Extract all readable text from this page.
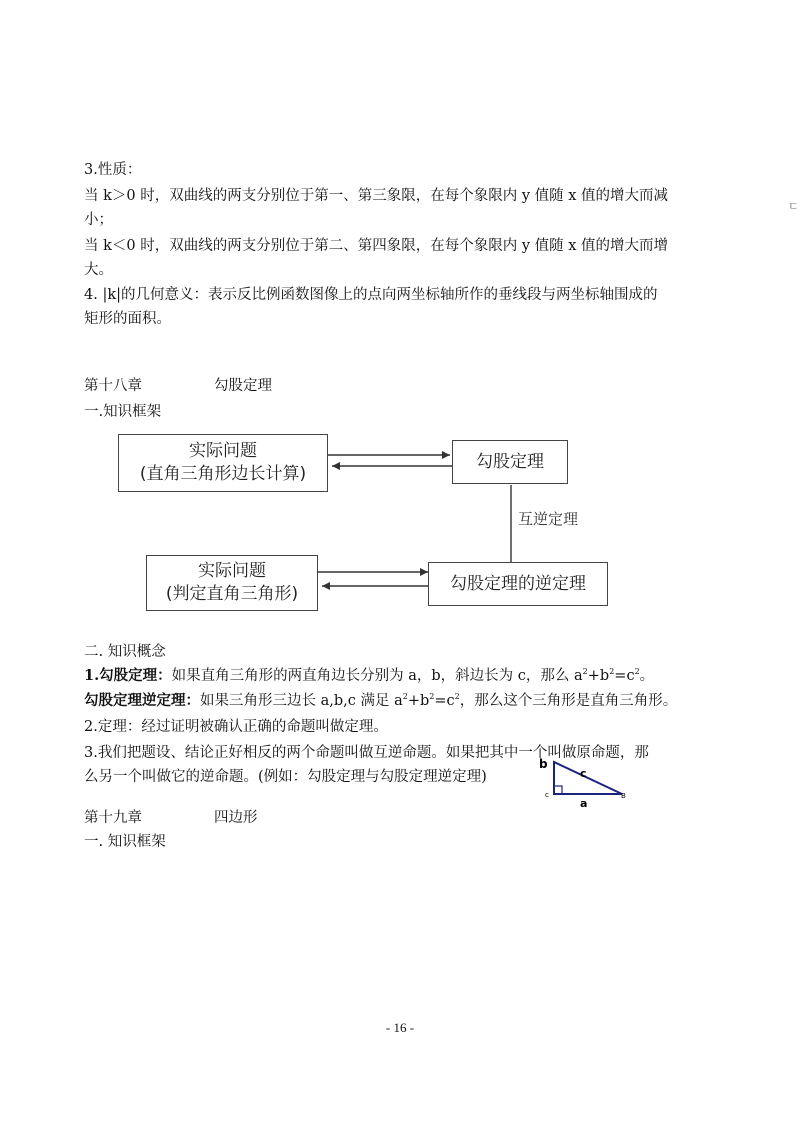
3.性质：
当 k＞0 时，双曲线的两支分别位于第一、第三象限，在每个象限内 y 值随 x 值的增大而减
小；
当 k＜0 时，双曲线的两支分别位于第二、第四象限，在每个象限内 y 值随 x 值的增大而增
大。
4. |k|的几何意义：表示反比例函数图像上的点向两坐标轴所作的垂线段与两坐标轴围成的
矩形的面积。
ㄷ
第十八章	勾股定理
一.知识框架
实际问题
(直角三角形边长计算)
勾股定理
互逆定理
实际问题
(判定直角三角形)
勾股定理的逆定理
二. 知识概念
1.勾股定理：如果直角三角形的两直角边长分别为 a，b，斜边长为 c，那么 $a^2+b^2=c^2$。
勾股定理逆定理：如果三角形三边长 a,b,c 满足 $a^2+b^2=c^2$，那么这个三角形是直角三角形。
2.定理：经过证明被确认正确的命题叫做定理。
3.我们把题设、结论正好相反的两个命题叫做互逆命题。如果把其中一个叫做原命题，那
么另一个叫做它的逆命题。(例如：勾股定理与勾股定理逆定理)
b
c
a
c	B
第十九章	四边形
一. 知识框架
- 16 -
